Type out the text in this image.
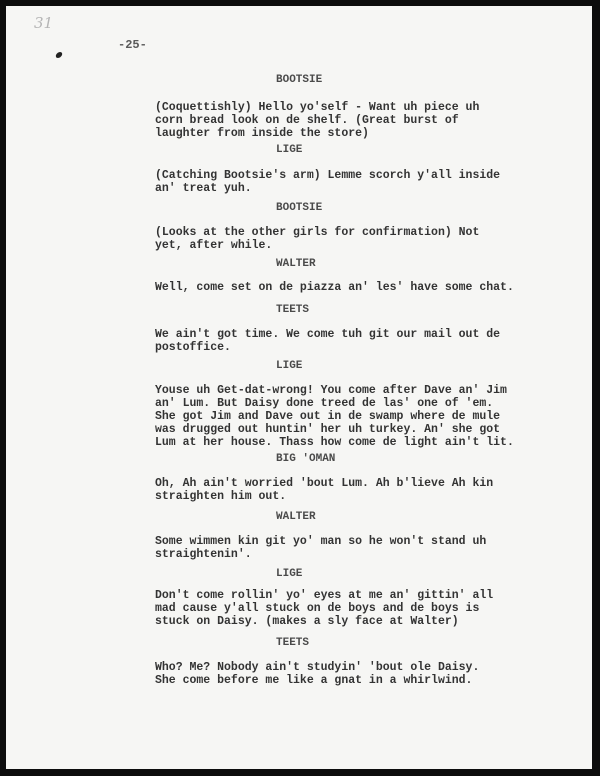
31
-25-
BOOTSIE
(Coquettishly) Hello yo'self - Want uh piece uh
corn bread look on de shelf. (Great burst of
laughter from inside the store)
LIGE
(Catching Bootsie's arm) Lemme scorch y'all inside
an' treat yuh.
BOOTSIE
(Looks at the other girls for confirmation) Not
yet, after while.
WALTER
Well, come set on de piazza an' les' have some chat.
TEETS
We ain't got time. We come tuh git our mail out de
postoffice.
LIGE
Youse uh Get-dat-wrong! You come after Dave an' Jim
an' Lum. But Daisy done treed de las' one of 'em.
She got Jim and Dave out in de swamp where de mule
was drugged out huntin' her uh turkey. An' she got
Lum at her house. Thass how come de light ain't lit.
BIG 'OMAN
Oh, Ah ain't worried 'bout Lum. Ah b'lieve Ah kin
straighten him out.
WALTER
Some wimmen kin git yo' man so he won't stand uh
straightenin'.
LIGE
Don't come rollin' yo' eyes at me an' gittin' all
mad cause y'all stuck on de boys and de boys is
stuck on Daisy. (makes a sly face at Walter)
TEETS
Who? Me? Nobody ain't studyin' 'bout ole Daisy.
She come before me like a gnat in a whirlwind.
